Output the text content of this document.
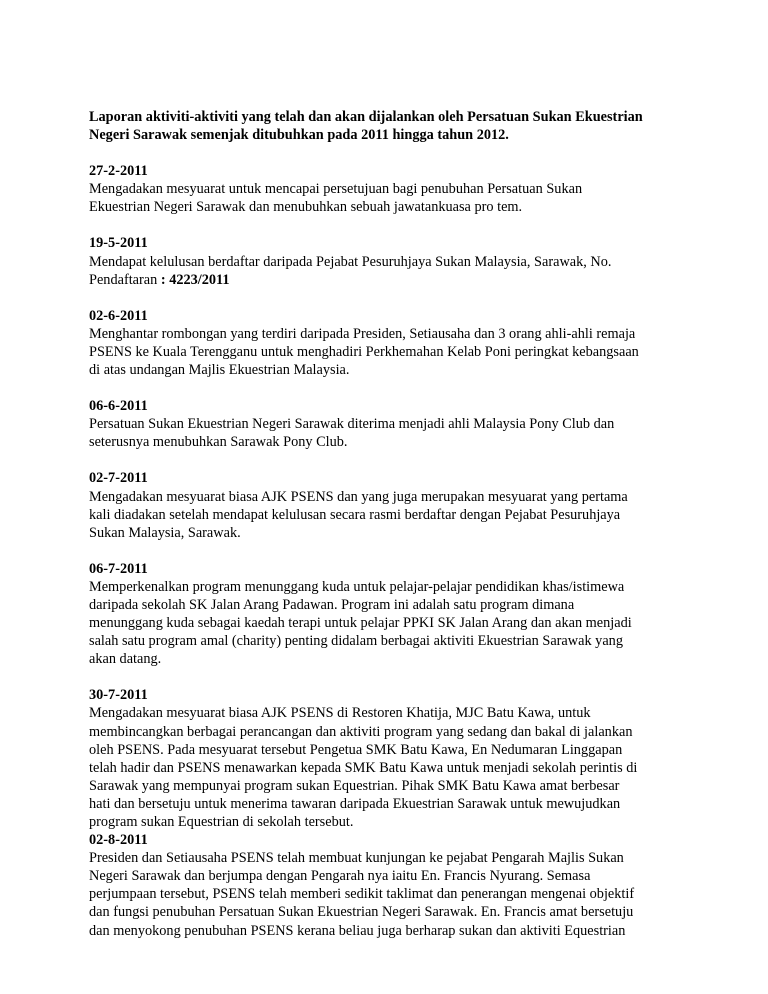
Laporan aktiviti-aktiviti yang telah dan akan dijalankan oleh Persatuan Sukan Ekuestrian
Negeri Sarawak semenjak ditubuhkan pada 2011 hingga tahun 2012.
27-2-2011
Mengadakan mesyuarat untuk mencapai persetujuan bagi penubuhan Persatuan Sukan
Ekuestrian Negeri Sarawak dan menubuhkan sebuah jawatankuasa pro tem.
19-5-2011
Mendapat kelulusan berdaftar daripada Pejabat Pesuruhjaya Sukan Malaysia, Sarawak, No.
Pendaftaran : 4223/2011
02-6-2011
Menghantar rombongan yang terdiri daripada Presiden, Setiausaha dan 3 orang ahli-ahli remaja
PSENS ke Kuala Terengganu untuk menghadiri Perkhemahan Kelab Poni peringkat kebangsaan
di atas undangan Majlis Ekuestrian Malaysia.
06-6-2011
Persatuan Sukan Ekuestrian Negeri Sarawak diterima menjadi ahli Malaysia Pony Club dan
seterusnya menubuhkan Sarawak Pony Club.
02-7-2011
Mengadakan mesyuarat biasa AJK PSENS dan yang juga merupakan mesyuarat yang pertama
kali diadakan setelah mendapat kelulusan secara rasmi berdaftar dengan Pejabat Pesuruhjaya
Sukan Malaysia, Sarawak.
06-7-2011
Memperkenalkan program menunggang kuda untuk pelajar-pelajar pendidikan khas/istimewa
daripada sekolah SK Jalan Arang Padawan. Program ini adalah satu program dimana
menunggang kuda sebagai kaedah terapi untuk pelajar PPKI SK Jalan Arang dan akan menjadi
salah satu program amal (charity) penting didalam berbagai aktiviti Ekuestrian Sarawak yang
akan datang.
30-7-2011
Mengadakan mesyuarat biasa AJK PSENS di Restoren Khatija, MJC Batu Kawa, untuk
membincangkan berbagai perancangan dan aktiviti program yang sedang dan bakal di jalankan
oleh PSENS. Pada mesyuarat tersebut Pengetua SMK Batu Kawa, En Nedumaran Linggapan
telah hadir dan PSENS menawarkan kepada SMK Batu Kawa untuk menjadi sekolah perintis di
Sarawak yang mempunyai program sukan Equestrian. Pihak SMK Batu Kawa amat berbesar
hati dan bersetuju untuk menerima tawaran daripada Ekuestrian Sarawak untuk mewujudkan
program sukan Equestrian di sekolah tersebut.
02-8-2011
Presiden dan Setiausaha PSENS telah membuat kunjungan ke pejabat Pengarah Majlis Sukan
Negeri Sarawak dan berjumpa dengan Pengarah nya iaitu En. Francis Nyurang. Semasa
perjumpaan tersebut, PSENS telah memberi sedikit taklimat dan penerangan mengenai objektif
dan fungsi penubuhan Persatuan Sukan Ekuestrian Negeri Sarawak. En. Francis amat bersetuju
dan menyokong penubuhan PSENS kerana beliau juga berharap sukan dan aktiviti Equestrian
